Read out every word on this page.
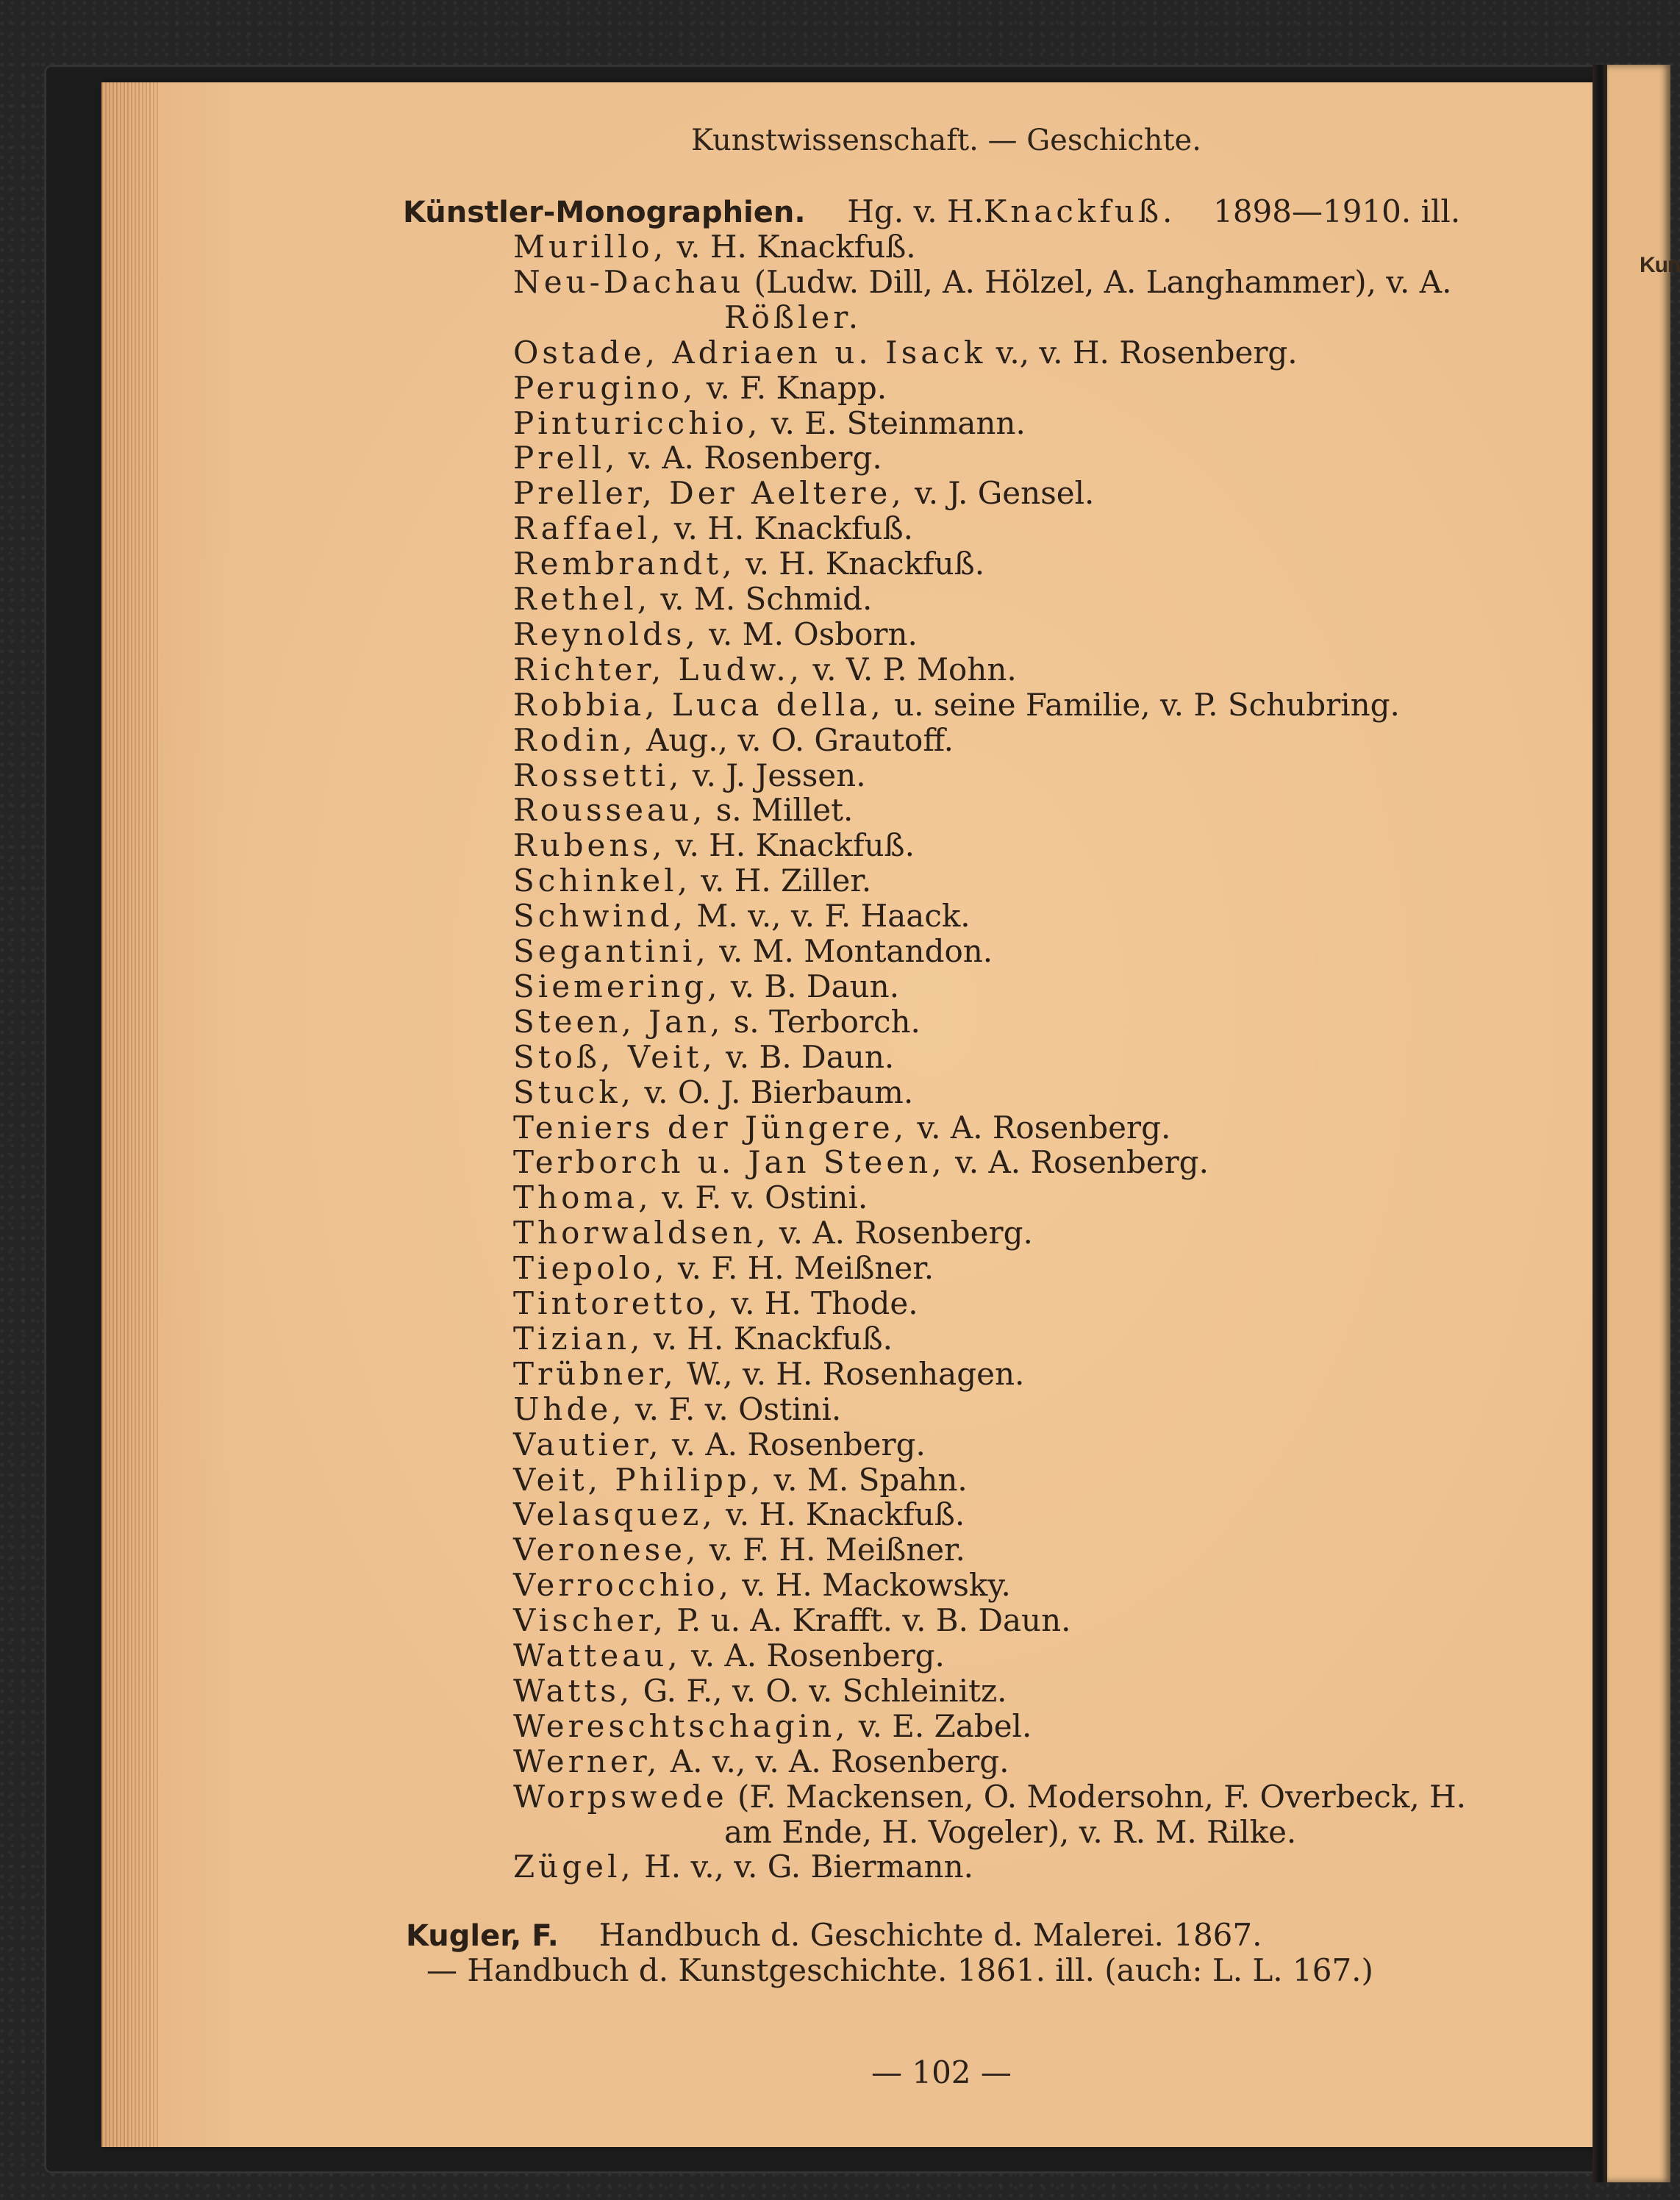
Kun
Kunstwissenschaft. — Geschichte.
Künstler-Monographien. Hg. v. H.Knackfuß. 1898—1910. ill.
Murillo, v. H. Knackfuß.
Neu-Dachau (Ludw. Dill, A. Hölzel, A. Langhammer), v. A.
Rößler.
Ostade, Adriaen u. Isack v., v. H. Rosenberg.
Perugino, v. F. Knapp.
Pinturicchio, v. E. Steinmann.
Prell, v. A. Rosenberg.
Preller, Der Aeltere, v. J. Gensel.
Raffael, v. H. Knackfuß.
Rembrandt, v. H. Knackfuß.
Rethel, v. M. Schmid.
Reynolds, v. M. Osborn.
Richter, Ludw., v. V. P. Mohn.
Robbia, Luca della, u. seine Familie, v. P. Schubring.
Rodin, Aug., v. O. Grautoff.
Rossetti, v. J. Jessen.
Rousseau, s. Millet.
Rubens, v. H. Knackfuß.
Schinkel, v. H. Ziller.
Schwind, M. v., v. F. Haack.
Segantini, v. M. Montandon.
Siemering, v. B. Daun.
Steen, Jan, s. Terborch.
Stoß, Veit, v. B. Daun.
Stuck, v. O. J. Bierbaum.
Teniers der Jüngere, v. A. Rosenberg.
Terborch u. Jan Steen, v. A. Rosenberg.
Thoma, v. F. v. Ostini.
Thorwaldsen, v. A. Rosenberg.
Tiepolo, v. F. H. Meißner.
Tintoretto, v. H. Thode.
Tizian, v. H. Knackfuß.
Trübner, W., v. H. Rosenhagen.
Uhde, v. F. v. Ostini.
Vautier, v. A. Rosenberg.
Veit, Philipp, v. M. Spahn.
Velasquez, v. H. Knackfuß.
Veronese, v. F. H. Meißner.
Verrocchio, v. H. Mackowsky.
Vischer, P. u. A. Krafft. v. B. Daun.
Watteau, v. A. Rosenberg.
Watts, G. F., v. O. v. Schleinitz.
Wereschtschagin, v. E. Zabel.
Werner, A. v., v. A. Rosenberg.
Worpswede (F. Mackensen, O. Modersohn, F. Overbeck, H.
am Ende, H. Vogeler), v. R. M. Rilke.
Zügel, H. v., v. G. Biermann.
Kugler, F. Handbuch d. Geschichte d. Malerei. 1867.
— Handbuch d. Kunstgeschichte. 1861. ill. (auch: L. L. 167.)
— 102 —
